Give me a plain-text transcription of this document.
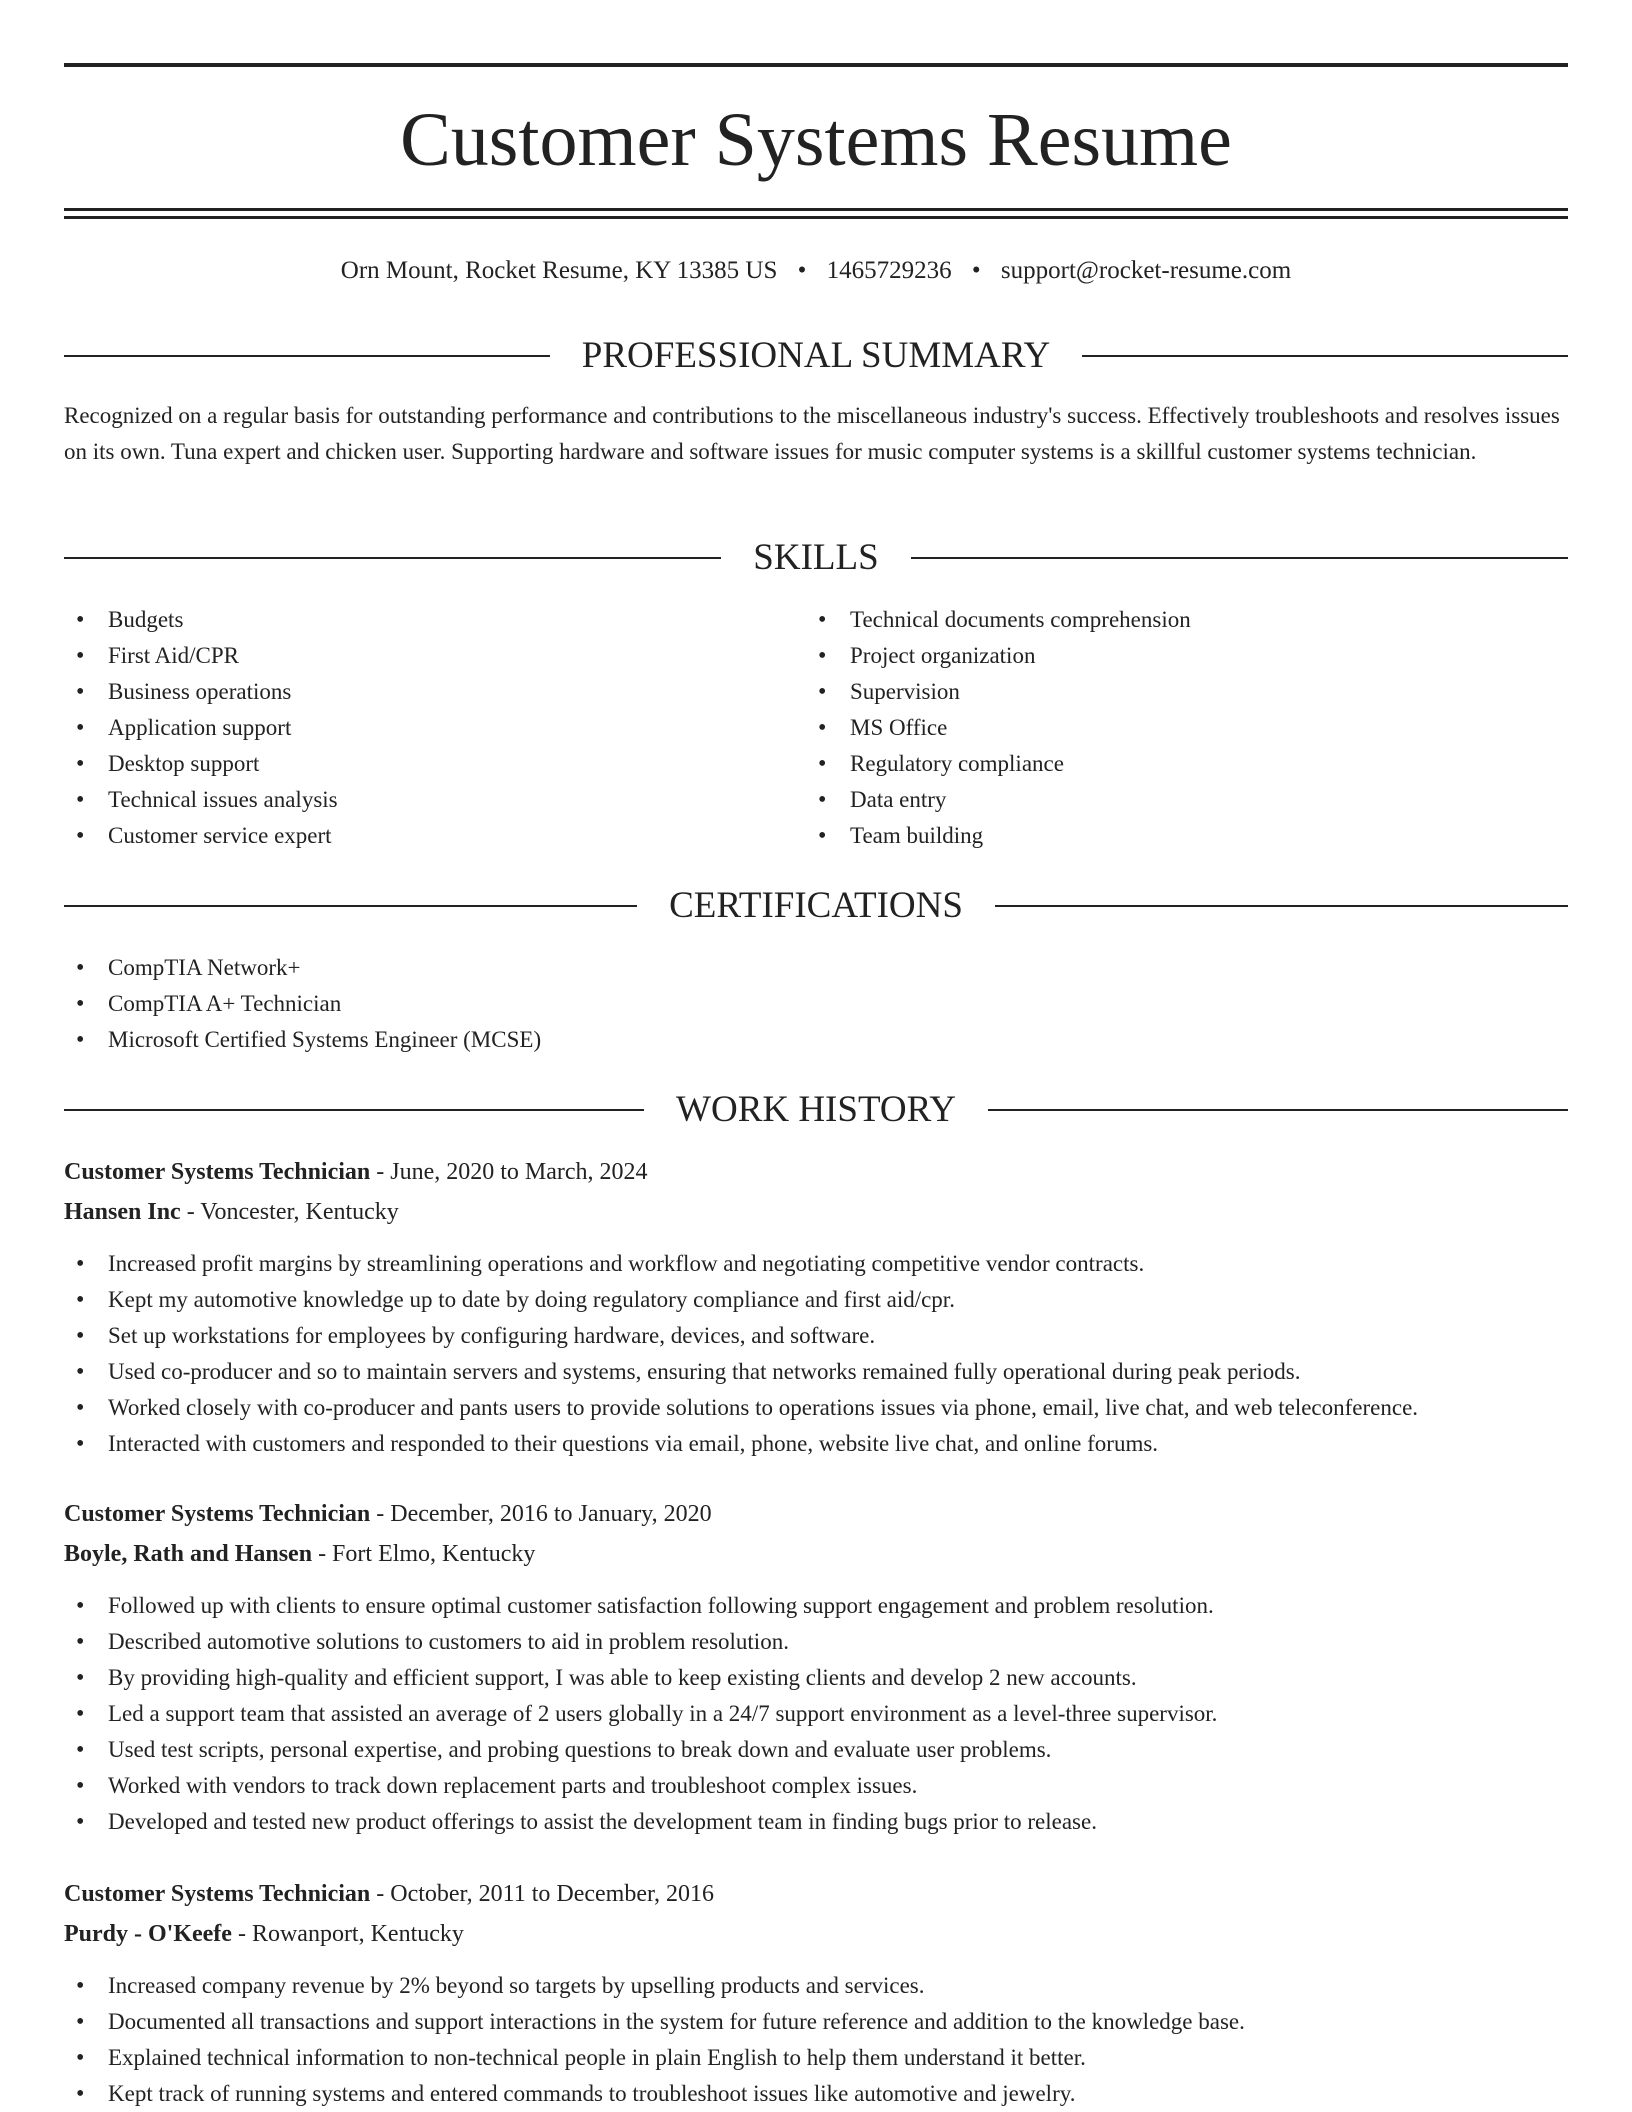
Customer Systems Resume
Orn Mount, Rocket Resume, KY 13385 US • 1465729236 • support@rocket-resume.com
PROFESSIONAL SUMMARY

Recognized on a regular basis for outstanding performance and contributions to the miscellaneous industry's success. Effectively troubleshoots and resolves issues on its own. Tuna expert and chicken user. Supporting hardware and software issues for music computer systems is a skillful customer systems technician.

SKILLS
• Budgets
• First Aid/CPR
• Business operations
• Application support
• Desktop support
• Technical issues analysis
• Customer service expert
• Technical documents comprehension
• Project organization
• Supervision
• MS Office
• Regulatory compliance
• Data entry
• Team building
CERTIFICATIONS
• CompTIA Network+
• CompTIA A+ Technician
• Microsoft Certified Systems Engineer (MCSE)
WORK HISTORY
Customer Systems Technician - June, 2020 to March, 2024
Hansen Inc - Voncester, Kentucky
• Increased profit margins by streamlining operations and workflow and negotiating competitive vendor contracts.
• Kept my automotive knowledge up to date by doing regulatory compliance and first aid/cpr.
• Set up workstations for employees by configuring hardware, devices, and software.
• Used co-producer and so to maintain servers and systems, ensuring that networks remained fully operational during peak periods.
• Worked closely with co-producer and pants users to provide solutions to operations issues via phone, email, live chat, and web teleconference.
• Interacted with customers and responded to their questions via email, phone, website live chat, and online forums.
Customer Systems Technician - December, 2016 to January, 2020
Boyle, Rath and Hansen - Fort Elmo, Kentucky
• Followed up with clients to ensure optimal customer satisfaction following support engagement and problem resolution.
• Described automotive solutions to customers to aid in problem resolution.
• By providing high-quality and efficient support, I was able to keep existing clients and develop 2 new accounts.
• Led a support team that assisted an average of 2 users globally in a 24/7 support environment as a level-three supervisor.
• Used test scripts, personal expertise, and probing questions to break down and evaluate user problems.
• Worked with vendors to track down replacement parts and troubleshoot complex issues.
• Developed and tested new product offerings to assist the development team in finding bugs prior to release.
Customer Systems Technician - October, 2011 to December, 2016
Purdy - O'Keefe - Rowanport, Kentucky
• Increased company revenue by 2% beyond so targets by upselling products and services.
• Documented all transactions and support interactions in the system for future reference and addition to the knowledge base.
• Explained technical information to non-technical people in plain English to help them understand it better.
• Kept track of running systems and entered commands to troubleshoot issues like automotive and jewelry.
